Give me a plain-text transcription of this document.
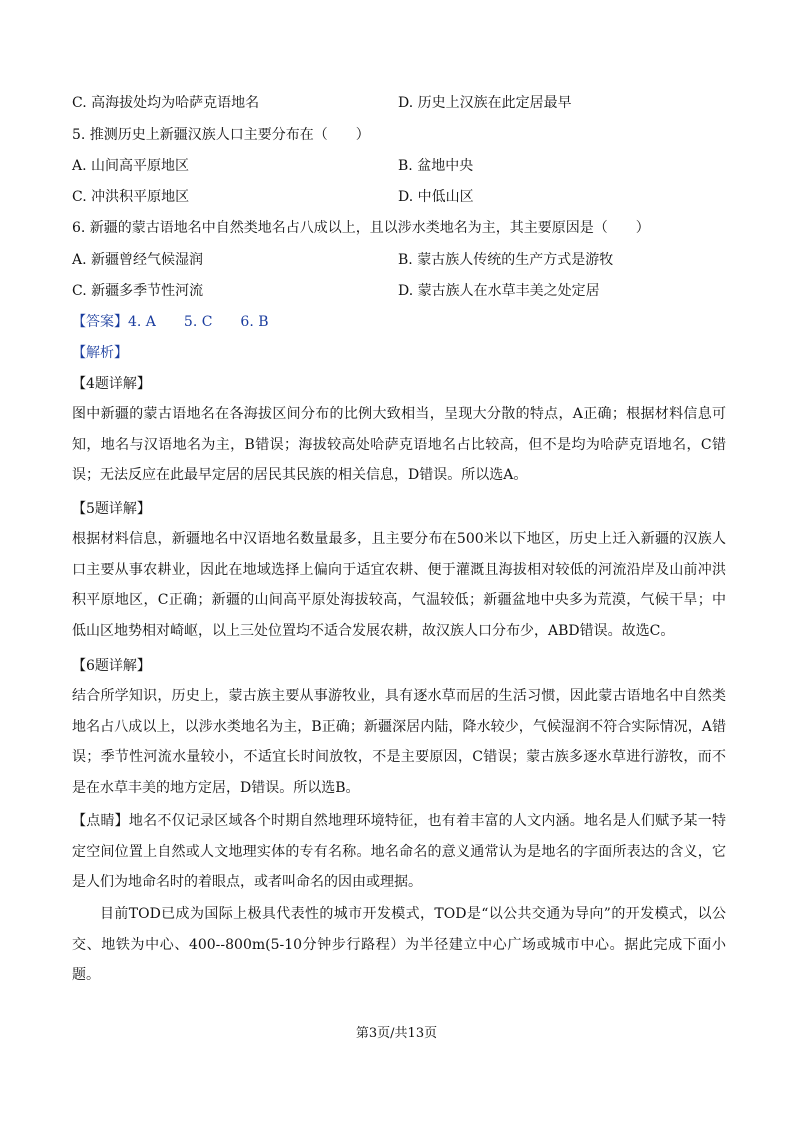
C. 高海拔处均为哈萨克语地名	D. 历史上汉族在此定居最早
5. 推测历史上新疆汉族人口主要分布在（　　）
A. 山间高平原地区	B. 盆地中央
C. 冲洪积平原地区	D. 中低山区
6. 新疆的蒙古语地名中自然类地名占八成以上，且以涉水类地名为主，其主要原因是（　　）
A. 新疆曾经气候湿润	B. 蒙古族人传统的生产方式是游牧
C. 新疆多季节性河流	D. 蒙古族人在水草丰美之处定居
【答案】4. A　　5. C　　6. B
【解析】
【4题详解】
图中新疆的蒙古语地名在各海拔区间分布的比例大致相当，呈现大分散的特点，A正确；根据材料信息可知，地名与汉语地名为主，B错误；海拔较高处哈萨克语地名占比较高，但不是均为哈萨克语地名，C错误；无法反应在此最早定居的居民其民族的相关信息，D错误。所以选A。
【5题详解】
根据材料信息，新疆地名中汉语地名数量最多，且主要分布在500米以下地区，历史上迁入新疆的汉族人口主要从事农耕业，因此在地域选择上偏向于适宜农耕、便于灌溉且海拔相对较低的河流沿岸及山前冲洪积平原地区，C正确；新疆的山间高平原处海拔较高，气温较低；新疆盆地中央多为荒漠，气候干旱；中低山区地势相对崎岖，以上三处位置均不适合发展农耕，故汉族人口分布少，ABD错误。故选C。
【6题详解】
结合所学知识，历史上，蒙古族主要从事游牧业，具有逐水草而居的生活习惯，因此蒙古语地名中自然类地名占八成以上，以涉水类地名为主，B正确；新疆深居内陆，降水较少，气候湿润不符合实际情况，A错误；季节性河流水量较小，不适宜长时间放牧，不是主要原因，C错误；蒙古族多逐水草进行游牧，而不是在水草丰美的地方定居，D错误。所以选B。
【点睛】地名不仅记录区域各个时期自然地理环境特征，也有着丰富的人文内涵。地名是人们赋予某一特定空间位置上自然或人文地理实体的专有名称。地名命名的意义通常认为是地名的字面所表达的含义，它是人们为地命名时的着眼点，或者叫命名的因由或理据。
目前TOD已成为国际上极具代表性的城市开发模式，TOD是“以公共交通为导向”的开发模式，以公交、地铁为中心、400--800m(5-10分钟步行路程）为半径建立中心广场或城市中心。据此完成下面小题。
第3页/共13页
